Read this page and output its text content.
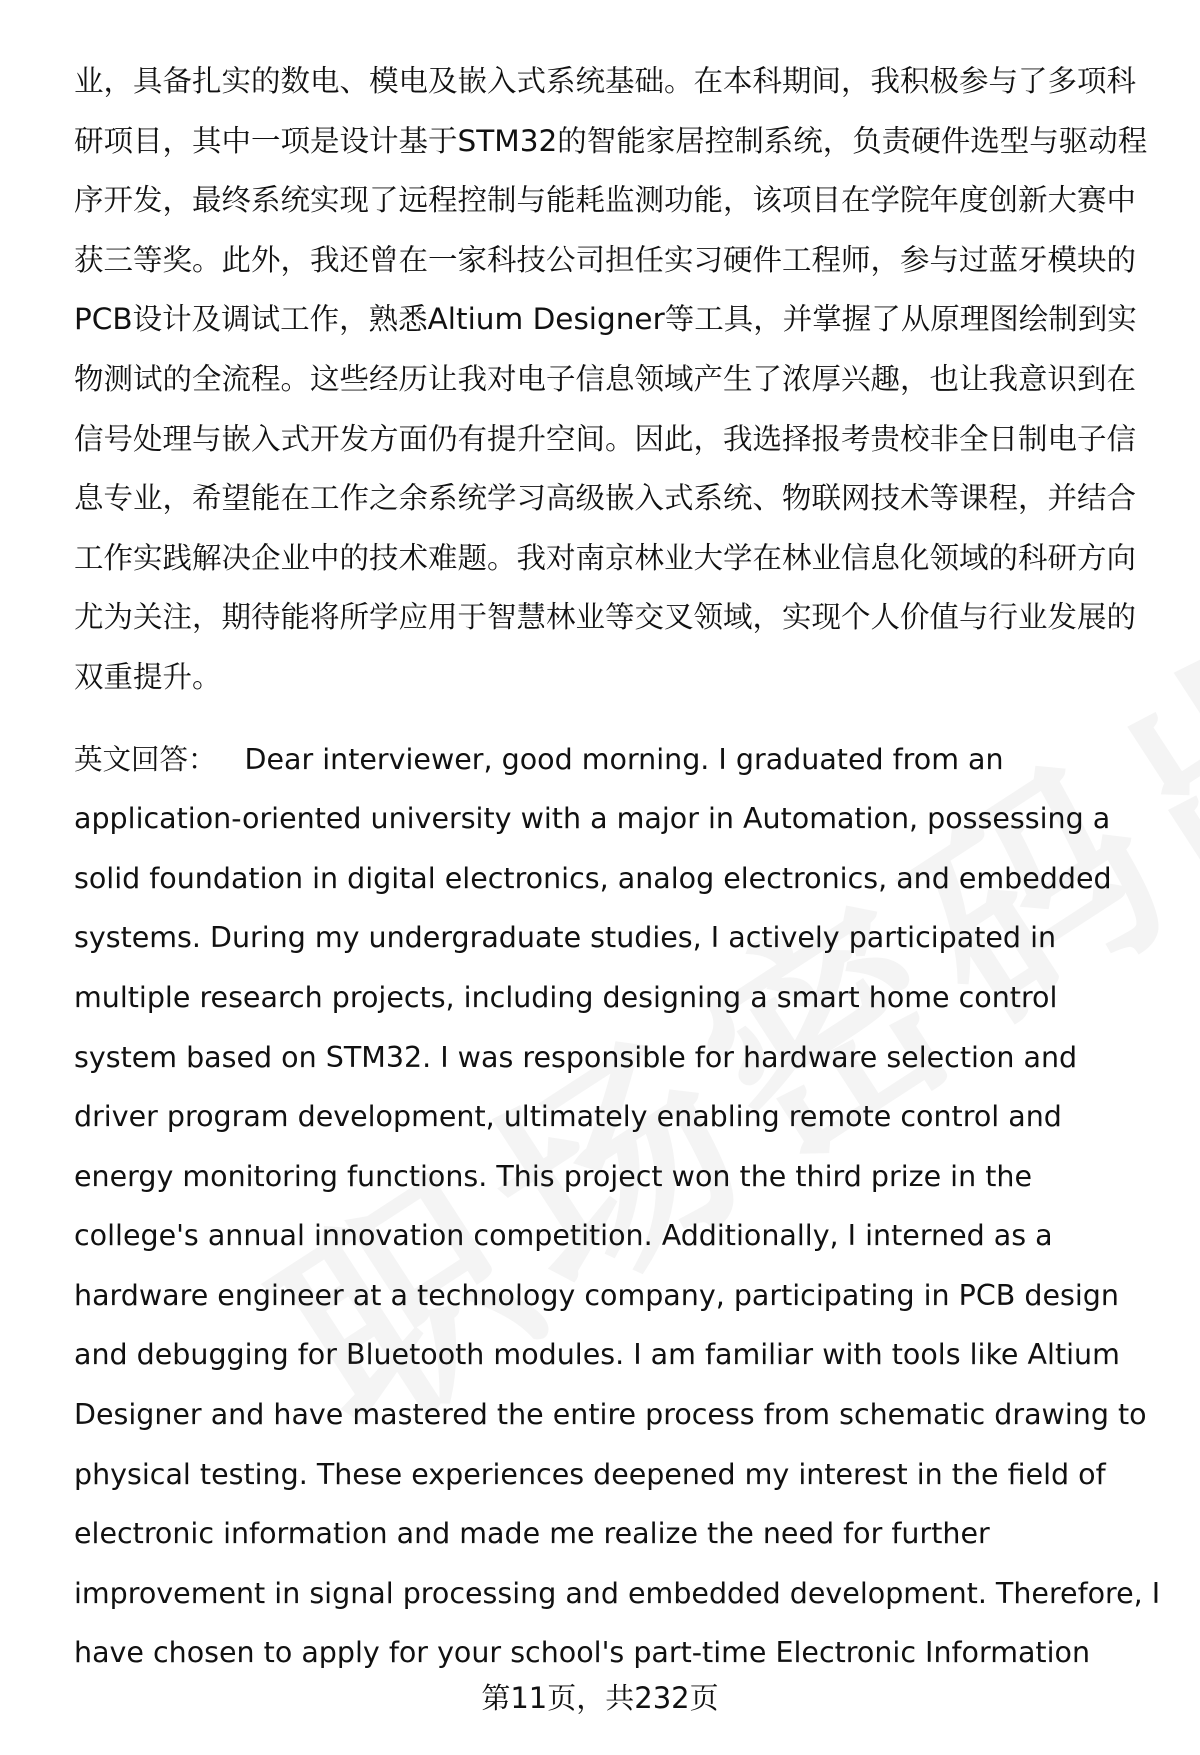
业，具备扎实的数电、模电及嵌入式系统基础。在本科期间，我积极参与了多项科
研项目，其中一项是设计基于STM32的智能家居控制系统，负责硬件选型与驱动程
序开发，最终系统实现了远程控制与能耗监测功能，该项目在学院年度创新大赛中
获三等奖。此外，我还曾在一家科技公司担任实习硬件工程师，参与过蓝牙模块的
PCB设计及调试工作，熟悉Altium Designer等工具，并掌握了从原理图绘制到实
物测试的全流程。这些经历让我对电子信息领域产生了浓厚兴趣，也让我意识到在
信号处理与嵌入式开发方面仍有提升空间。因此，我选择报考贵校非全日制电子信
息专业，希望能在工作之余系统学习高级嵌入式系统、物联网技术等课程，并结合
工作实践解决企业中的技术难题。我对南京林业大学在林业信息化领域的科研方向
尤为关注，期待能将所学应用于智慧林业等交叉领域，实现个人价值与行业发展的
双重提升。
英文回答： Dear interviewer, good morning. I graduated from an
application-oriented university with a major in Automation, possessing a
solid foundation in digital electronics, analog electronics, and embedded
systems. During my undergraduate studies, I actively participated in
multiple research projects, including designing a smart home control
system based on STM32. I was responsible for hardware selection and
driver program development, ultimately enabling remote control and
energy monitoring functions. This project won the third prize in the
college's annual innovation competition. Additionally, I interned as a
hardware engineer at a technology company, participating in PCB design
and debugging for Bluetooth modules. I am familiar with tools like Altium
Designer and have mastered the entire process from schematic drawing to
physical testing. These experiences deepened my interest in the field of
electronic information and made me realize the need for further
improvement in signal processing and embedded development. Therefore, I
have chosen to apply for your school's part-time Electronic Information
第11页，共232页
